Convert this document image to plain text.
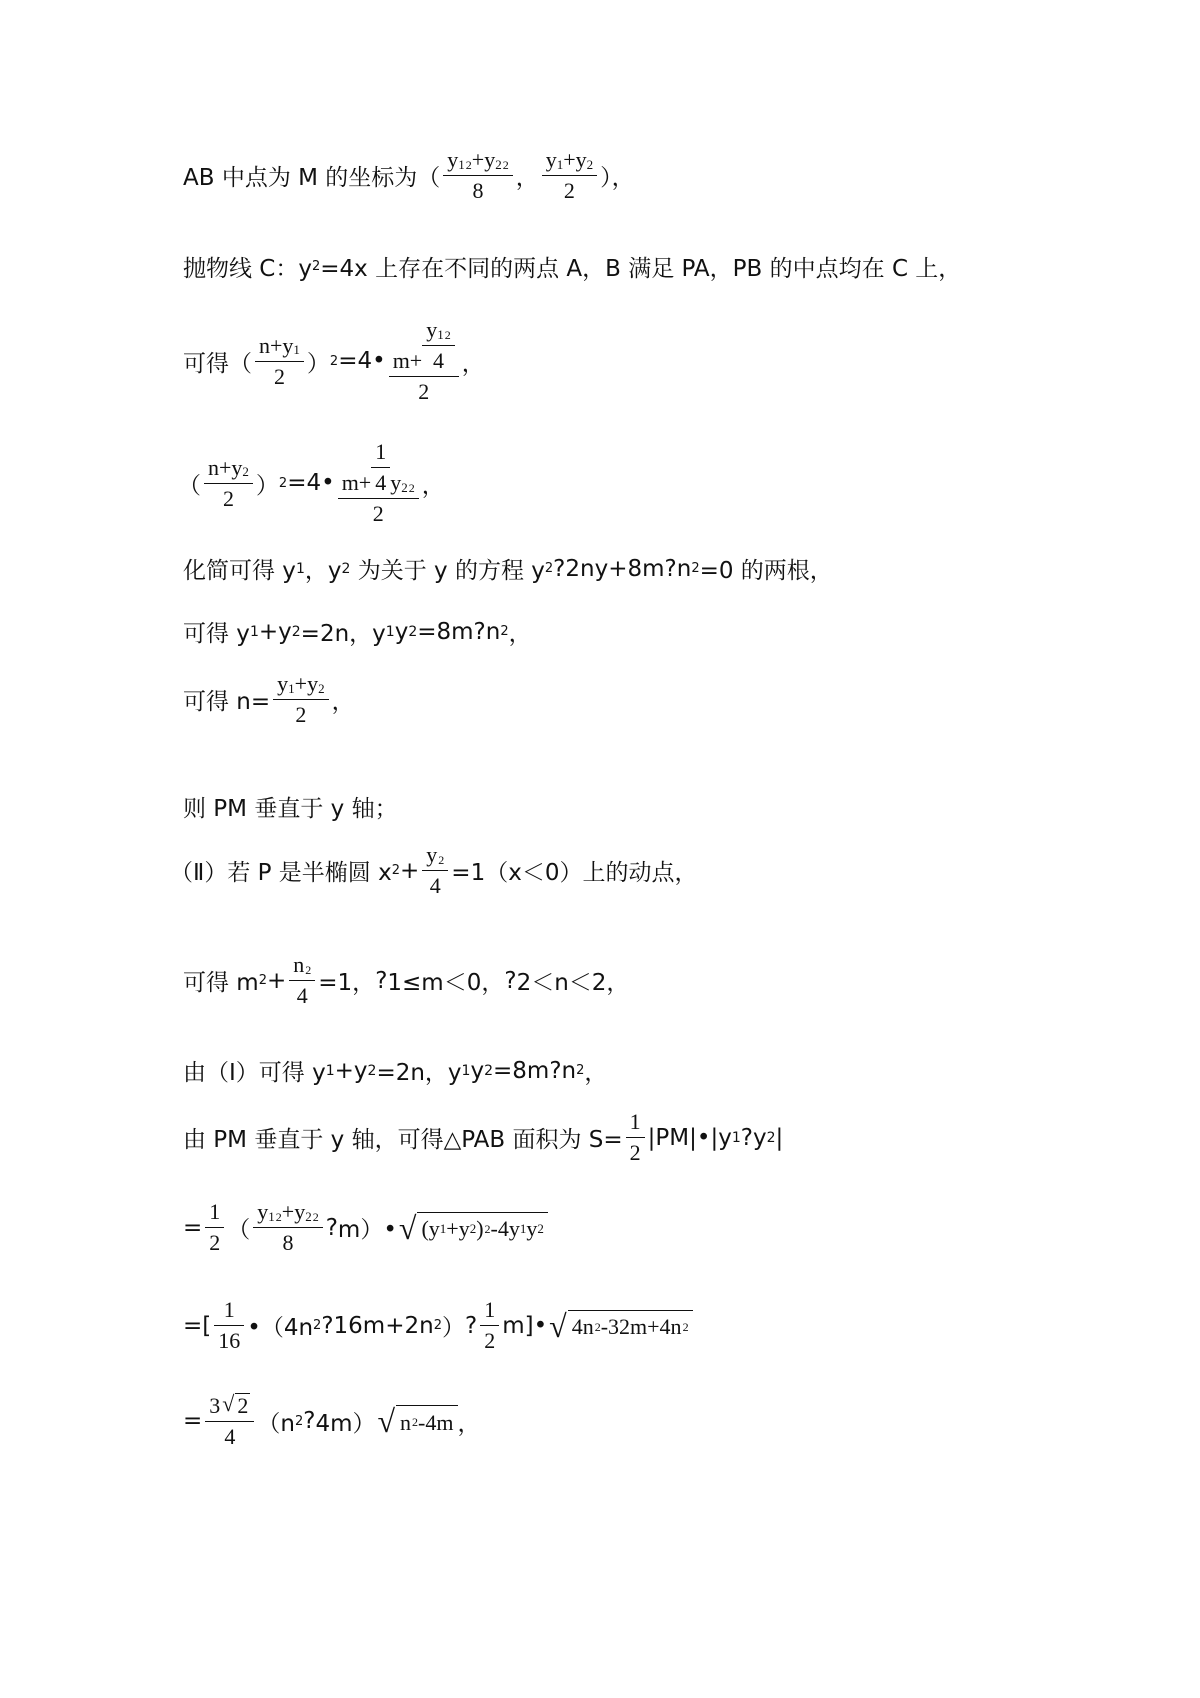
AB 中点为 M 的坐标为（ $\frac{y 1 2 +y 2 2}{8}$ ， $\frac{y 1 +y 2}{2}$ ），
抛物线 C：y 2 =4x 上存在不同的两点 A，B 满足 PA，PB 的中点均在 C 上，
可得（ $\frac{n+y 1}{2}$ ） 2 =4• $\frac{m+ \frac{y 1 2}{4}}{2}$ ，
（ $\frac{n+y 2}{2}$ ） 2 =4• $\frac{m+ \frac{1}{4} y 2 2}{2}$ ，
化简可得 y 1 ，y 2 为关于 y 的方程 y 2 ? 2ny+8m ? n 2 =0 的两根，
可得 y 1 +y 2 =2n，y 1 y 2 =8m ? n 2 ，
可得 $n= \frac{y 1 +y 2}{2}$ ，
则 PM 垂直于 y 轴；
（Ⅱ）若 P 是半椭圆 x $2 + \frac{y 2}{4} =1(x<0)$上的动点，
可得 m $2 + \frac{n 2}{4} =1$， ? 1≤m＜0， ? 2＜n＜2，
由（Ⅰ）可得 y 1 +y 2 =2n，y 1 y 2 =8m ? n 2 ，
由 PM 垂直于 y 轴，可得△PAB 面积为 $S= \frac{1}{2}$ |PM|•|y 1 ? y 2 |
= $\frac{1}{2}$ （ $\frac{y 1 2 +y 2 2}{8}$ ? m）• √ (y 1 +y 2 ) 2 -4y 1 y 2
=[ $\frac{1}{16}$ •（4n 2 ? 16m+2n 2 ） ? $\frac{1}{2}$ m]• √ 4n 2 -32m+4n 2
= $\frac{3 √ 2}{4} (n$ 2 ? 4m） √ n 2 -4m ，
